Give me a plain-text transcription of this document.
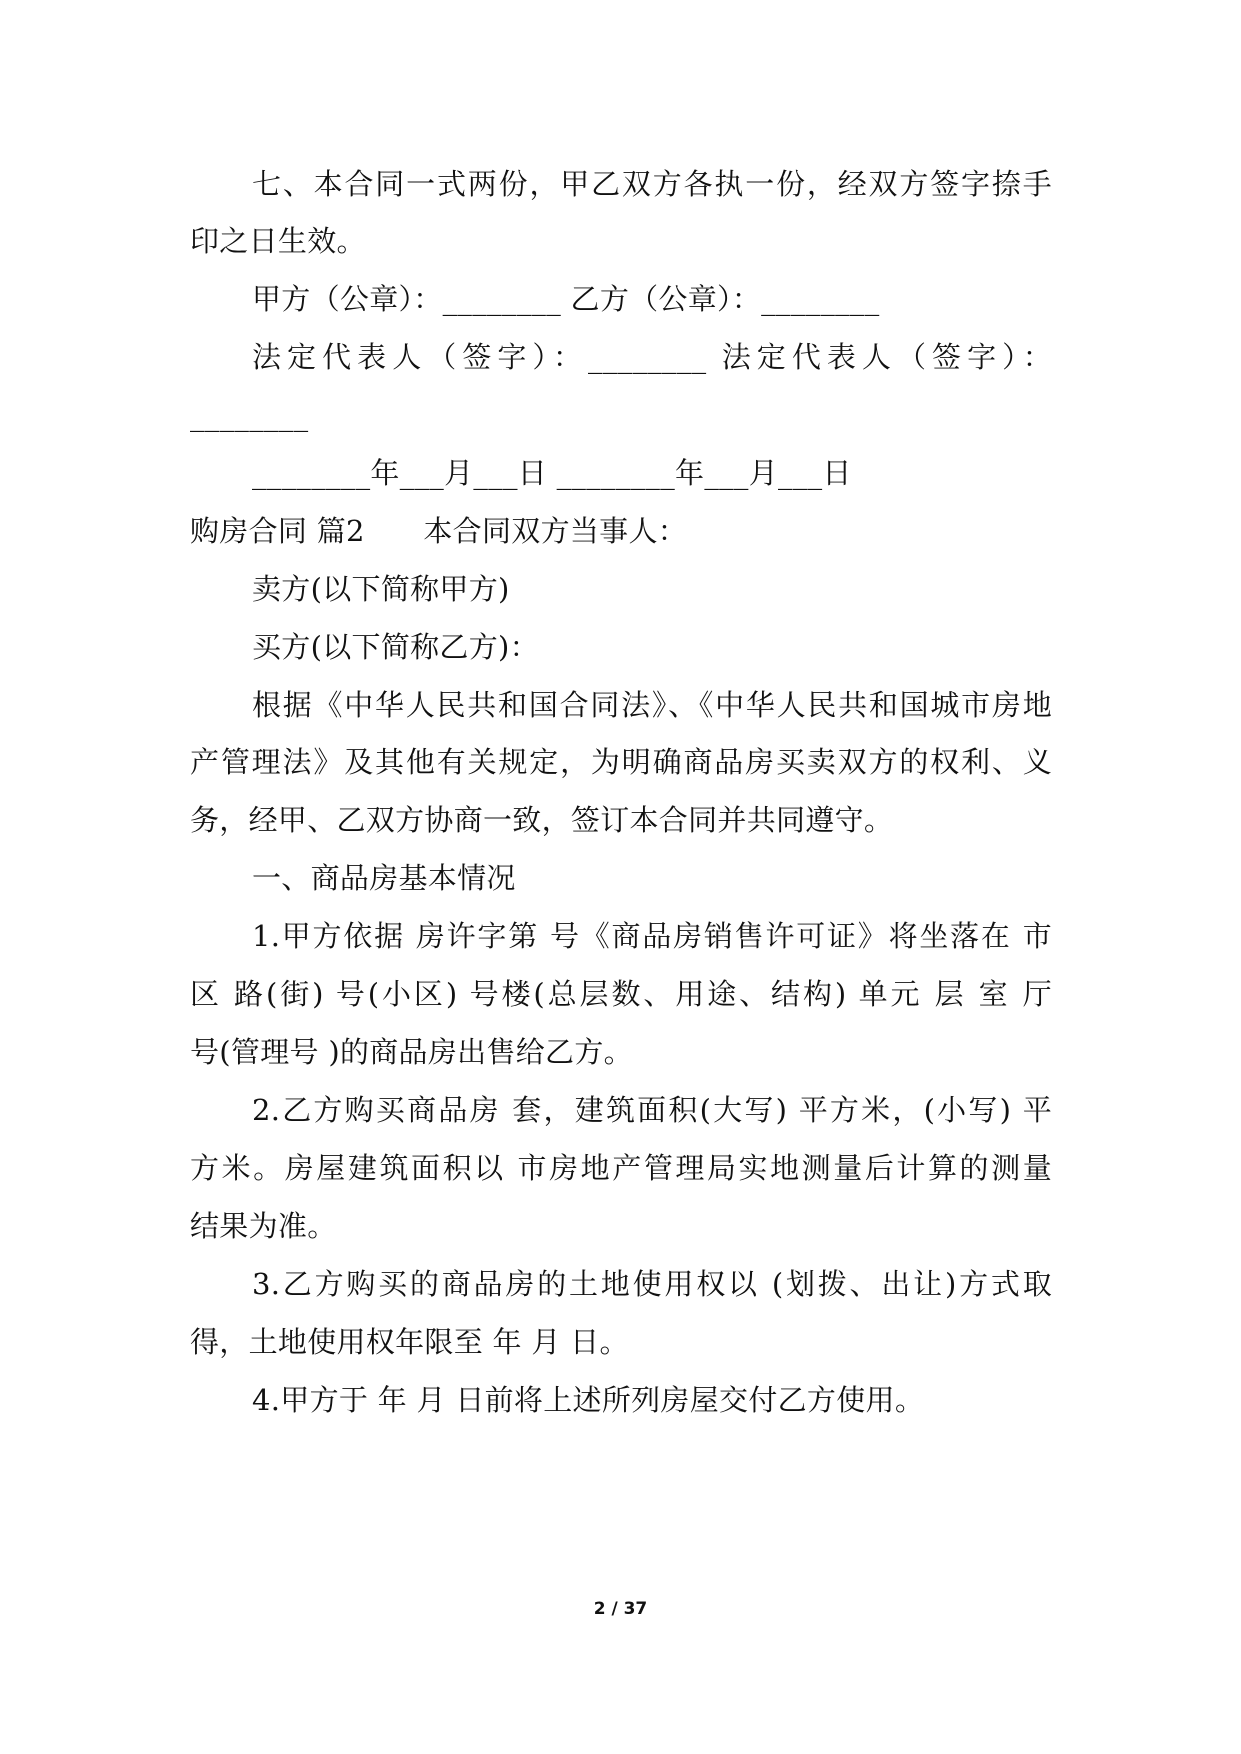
七、本合同一式两份，甲乙双方各执一份，经双方签字捺手
印之日生效。
甲方（公章）：________ 乙方（公章）：________
法定代表人（签字）：________ 法定代表人（签字）：
________
________年___月___日 ________年___月___日
购房合同 篇2　　本合同双方当事人：
卖方(以下简称甲方)
买方(以下简称乙方)：
根据《中华人民共和国合同法》、《中华人民共和国城市房地
产管理法》及其他有关规定，为明确商品房买卖双方的权利、义
务，经甲、乙双方协商一致，签订本合同并共同遵守。
一、商品房基本情况
1.甲方依据 房许字第 号《商品房销售许可证》将坐落在 市
区 路(街) 号(小区) 号楼(总层数、用途、结构) 单元 层 室 厅
号(管理号 )的商品房出售给乙方。
2.乙方购买商品房 套，建筑面积(大写) 平方米，(小写) 平
方米。房屋建筑面积以 市房地产管理局实地测量后计算的测量
结果为准。
3.乙方购买的商品房的土地使用权以 (划拨、出让)方式取
得，土地使用权年限至 年 月 日。
4.甲方于 年 月 日前将上述所列房屋交付乙方使用。
2 / 37
